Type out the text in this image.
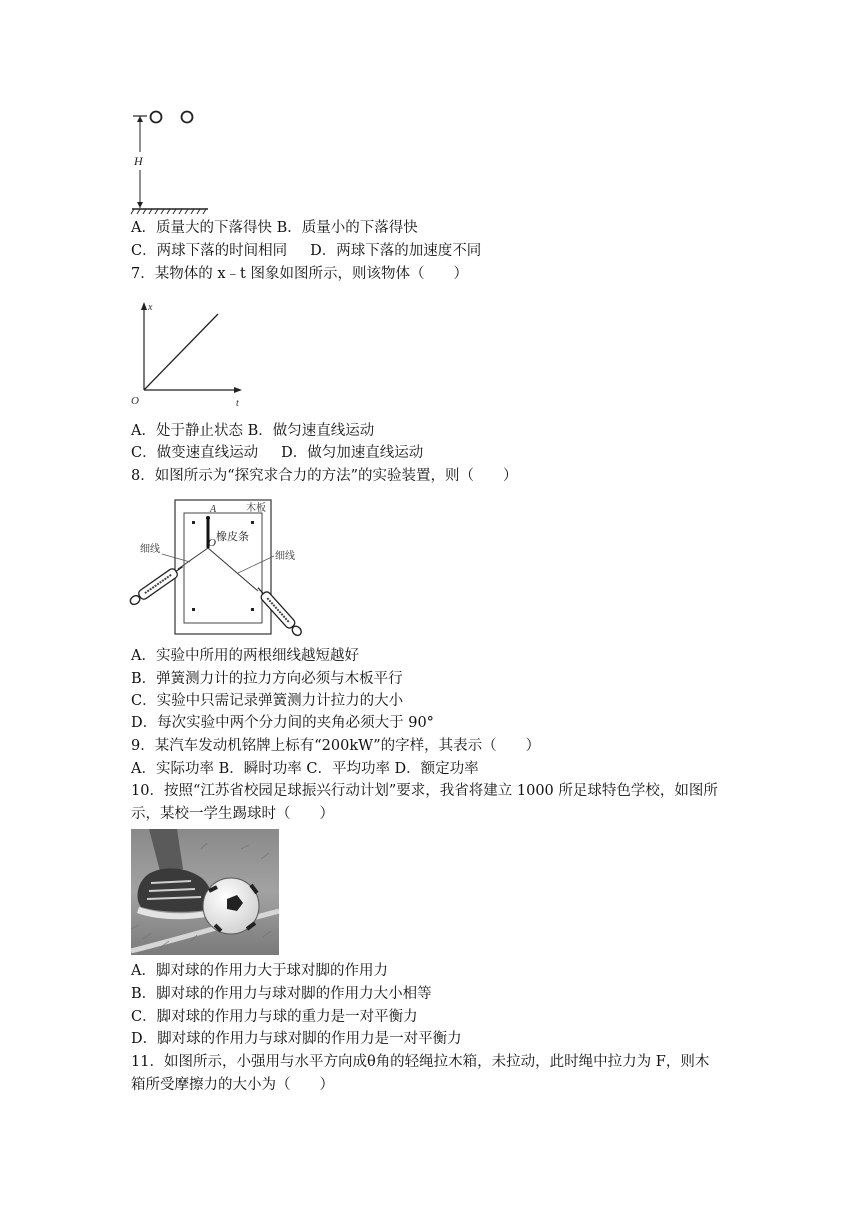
H
A．质量大的下落得快 B．质量小的下落得快
C．两球下落的时间相同     D．两球下落的加速度不同
7．某物体的 x﹣t 图象如图所示，则该物体（　　）
x
O	t
A．处于静止状态 B．做匀速直线运动
C．做变速直线运动     D．做匀加速直线运动
8．如图所示为“探究求合力的方法”的实验装置，则（　　）
A	木板
橡皮条
O
细线
细线
A．实验中所用的两根细线越短越好
B．弹簧测力计的拉力方向必须与木板平行
C．实验中只需记录弹簧测力计拉力的大小
D．每次实验中两个分力间的夹角必须大于 90°
9．某汽车发动机铭牌上标有“200kW”的字样，其表示（　　）
A．实际功率 B．瞬时功率 C．平均功率 D．额定功率
10．按照“江苏省校园足球振兴行动计划”要求，我省将建立 1000 所足球特色学校，如图所
示，某校一学生踢球时（　　）
A．脚对球的作用力大于球对脚的作用力
B．脚对球的作用力与球对脚的作用力大小相等
C．脚对球的作用力与球的重力是一对平衡力
D．脚对球的作用力与球对脚的作用力是一对平衡力
11．如图所示，小强用与水平方向成θ角的轻绳拉木箱，未拉动，此时绳中拉力为 F，则木
箱所受摩擦力的大小为（　　）
